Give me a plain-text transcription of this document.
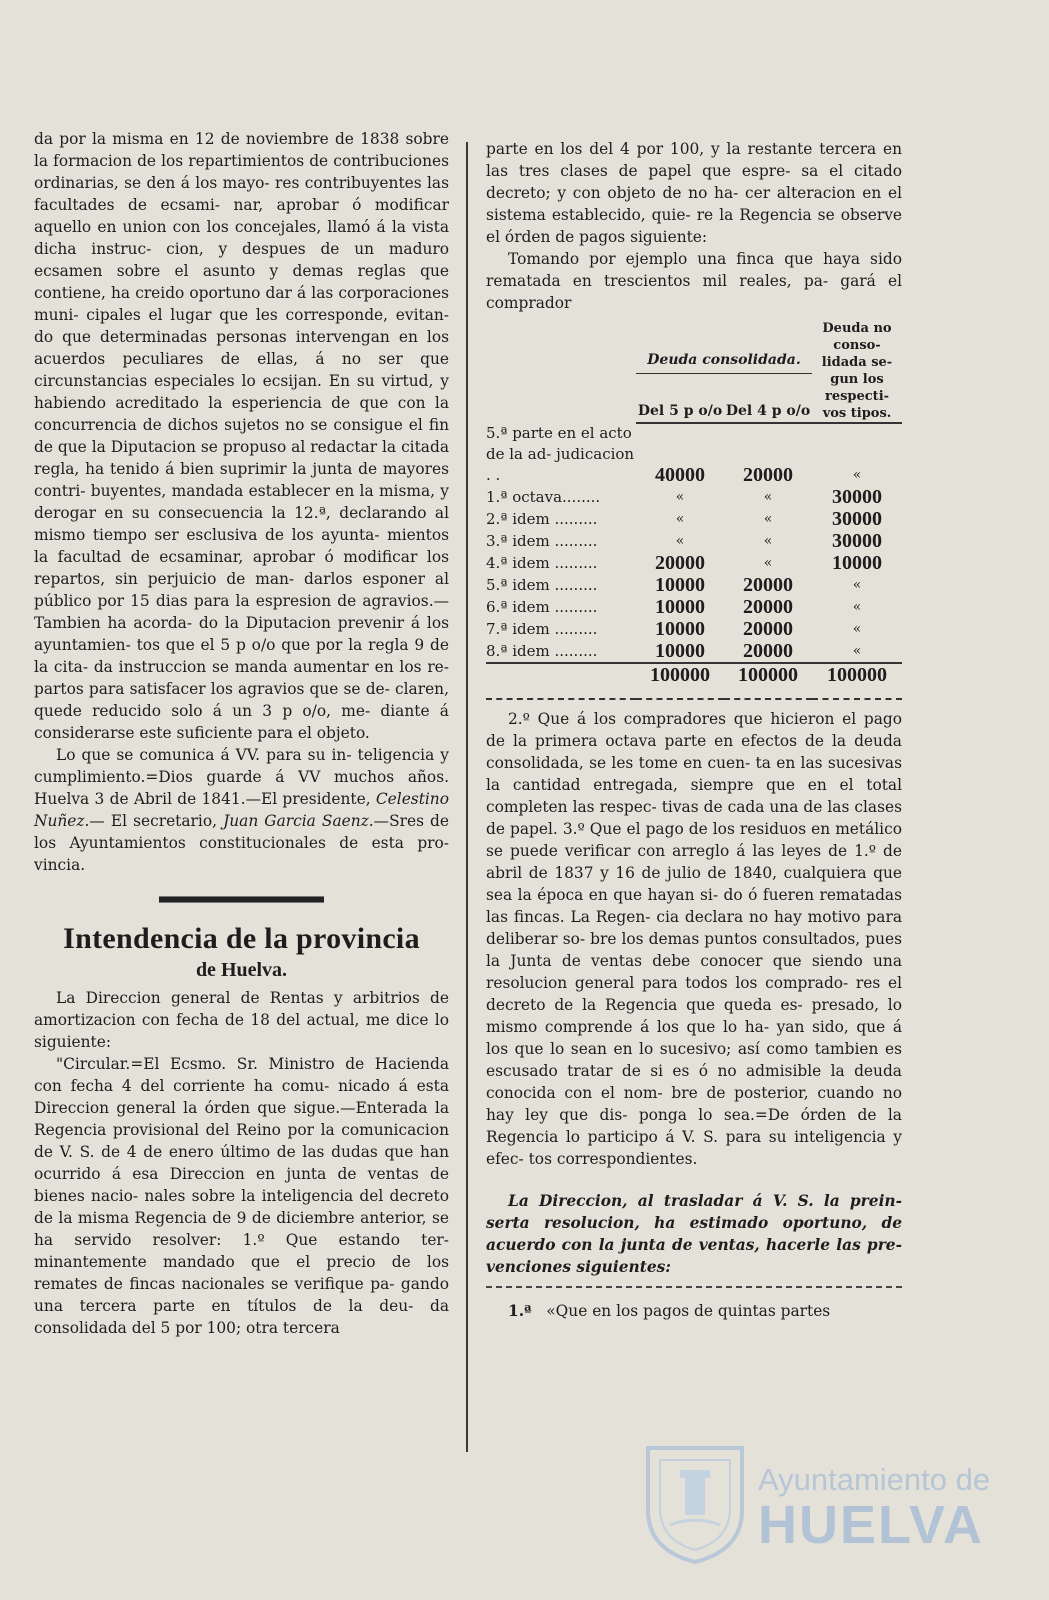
da por la misma en 12 de noviembre de 1838 sobre la formacion de los repartimientos de contribuciones ordinarias, se den á los mayo- res contribuyentes las facultades de ecsami- nar, aprobar ó modificar aquello en union con los concejales, llamó á la vista dicha instruc- cion, y despues de un maduro ecsamen sobre el asunto y demas reglas que contiene, ha creido oportuno dar á las corporaciones muni- cipales el lugar que les corresponde, evitan- do que determinadas personas intervengan en los acuerdos peculiares de ellas, á no ser que circunstancias especiales lo ecsijan. En su virtud, y habiendo acreditado la esperiencia de que con la concurrencia de dichos sujetos no se consigue el fin de que la Diputacion se propuso al redactar la citada regla, ha tenido á bien suprimir la junta de mayores contri- buyentes, mandada establecer en la misma, y derogar en su consecuencia la 12.ª, declarando al mismo tiempo ser esclusiva de los ayunta- mientos la facultad de ecsaminar, aprobar ó modificar los repartos, sin perjuicio de man- darlos esponer al público por 15 dias para la espresion de agravios.—Tambien ha acorda- do la Diputacion prevenir á los ayuntamien- tos que el 5 p o/o que por la regla 9 de la cita- da instruccion se manda aumentar en los re- partos para satisfacer los agravios que se de- claren, quede reducido solo á un 3 p o/o, me- diante á considerarse este suficiente para el objeto.

Lo que se comunica á VV. para su in- teligencia y cumplimiento.=Dios guarde á VV muchos años. Huelva 3 de Abril de 1841.—El presidente, Celestino Nuñez.— El secretario, Juan Garcia Saenz.—Sres de los Ayuntamientos constitucionales de esta pro- vincia.

Intendencia de la provincia
de Huelva.

La Direccion general de Rentas y arbitrios de amortizacion con fecha de 18 del actual, me dice lo siguiente:

"Circular.=El Ecsmo. Sr. Ministro de Hacienda con fecha 4 del corriente ha comu- nicado á esta Direccion general la órden que sigue.—Enterada la Regencia provisional del Reino por la comunicacion de V. S. de 4 de enero último de las dudas que han ocurrido á esa Direccion en junta de ventas de bienes nacio- nales sobre la inteligencia del decreto de la misma Regencia de 9 de diciembre anterior, se ha servido resolver: 1.º Que estando ter- minantemente mandado que el precio de los remates de fincas nacionales se verifique pa- gando una tercera parte en títulos de la deu- da consolidada del 5 por 100; otra tercera

parte en los del 4 por 100, y la restante tercera en las tres clases de papel que espre- sa el citado decreto; y con objeto de no ha- cer alteracion en el sistema establecido, quie- re la Regencia se observe el órden de pagos siguiente:

Tomando por ejemplo una finca que haya sido rematada en trescientos mil reales, pa- gará el comprador

	Deuda consolidada.		Deuda no conso- lidada se- gun los respecti- vos tipos.
	Del 5 p o/o	Del 4 p o/o	
5.ª parte en el acto de la ad- judicacion . .	40000	20000	«
1.ª octava........	«	«	30000
2.ª idem .........	«	«	30000
3.ª idem .........	«	«	30000
4.ª idem .........	20000	«	10000
5.ª idem .........	10000	20000	«
6.ª idem .........	10000	20000	«
7.ª idem .........	10000	20000	«
8.ª idem .........	10000	20000	«
	100000	100000	100000

2.º Que á los compradores que hicieron el pago de la primera octava parte en efectos de la deuda consolidada, se les tome en cuen- ta en las sucesivas la cantidad entregada, siempre que en el total completen las respec- tivas de cada una de las clases de papel. 3.º Que el pago de los residuos en metálico se puede verificar con arreglo á las leyes de 1.º de abril de 1837 y 16 de julio de 1840, cualquiera que sea la época en que hayan si- do ó fueren rematadas las fincas. La Regen- cia declara no hay motivo para deliberar so- bre los demas puntos consultados, pues la Junta de ventas debe conocer que siendo una resolucion general para todos los comprado- res el decreto de la Regencia que queda es- presado, lo mismo comprende á los que lo ha- yan sido, que á los que lo sean en lo sucesivo; así como tambien es escusado tratar de si es ó no admisible la deuda conocida con el nom- bre de posterior, cuando no hay ley que dis- ponga lo sea.=De órden de la Regencia lo participo á V. S. para su inteligencia y efec- tos correspondientes.

La Direccion, al trasladar á V. S. la prein- serta resolucion, ha estimado oportuno, de acuerdo con la junta de ventas, hacerle las pre- venciones siguientes:

1.ª «Que en los pagos de quintas partes

Ayuntamiento de
HUELVA
